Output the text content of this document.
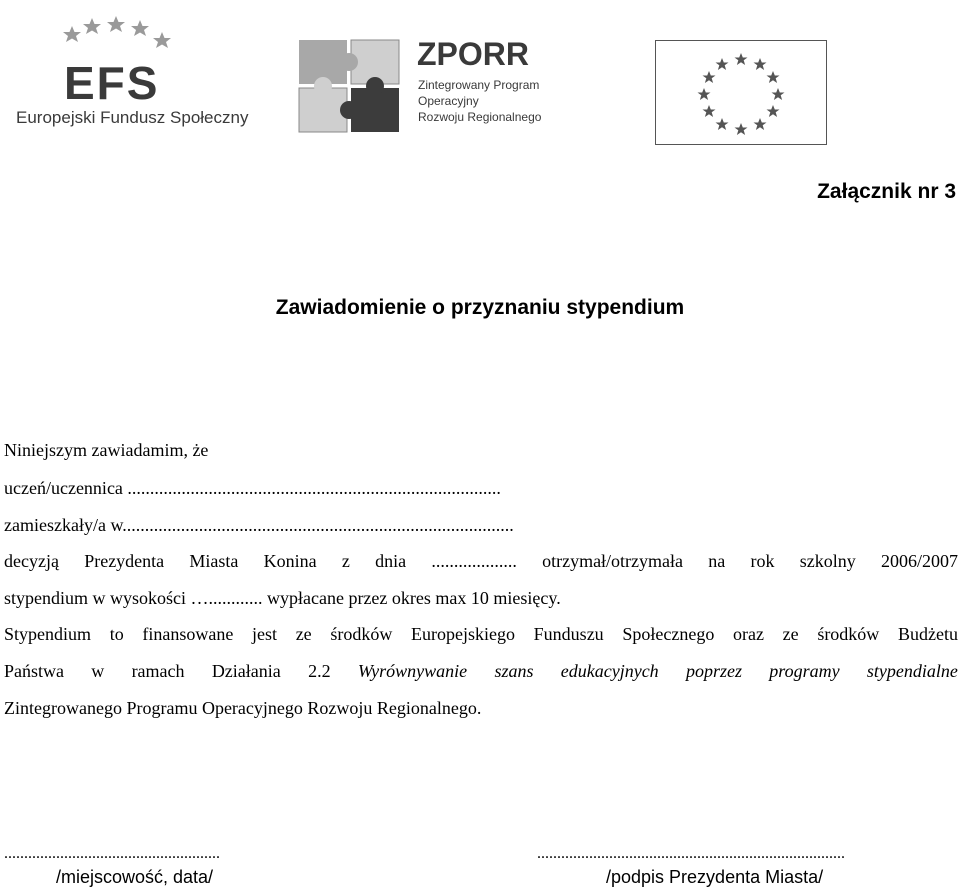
EFS
Europejski Fundusz Społeczny
ZPORR
Zintegrowany Program
Operacyjny
Rozwoju Regionalnego
Załącznik nr 3
Zawiadomienie o przyznaniu stypendium
Niniejszym zawiadamim, że
uczeń/uczennica ...................................................................................
zamieszkały/a w.......................................................................................
decyzją Prezydenta Miasta Konina z dnia ................... otrzymał/otrzymała na rok szkolny 2006/2007
stypendium w wysokości …............ wypłacane przez okres max 10 miesięcy.
Stypendium to finansowane jest ze środków Europejskiego Funduszu Społecznego oraz ze środków Budżetu
Państwa w ramach Działania 2.2 Wyrównywanie szans edukacyjnych poprzez programy stypendialne
Zintegrowanego Programu Operacyjnego Rozwoju Regionalnego.
......................................................
/miejscowość, data/
.............................................................................
/podpis Prezydenta Miasta/
